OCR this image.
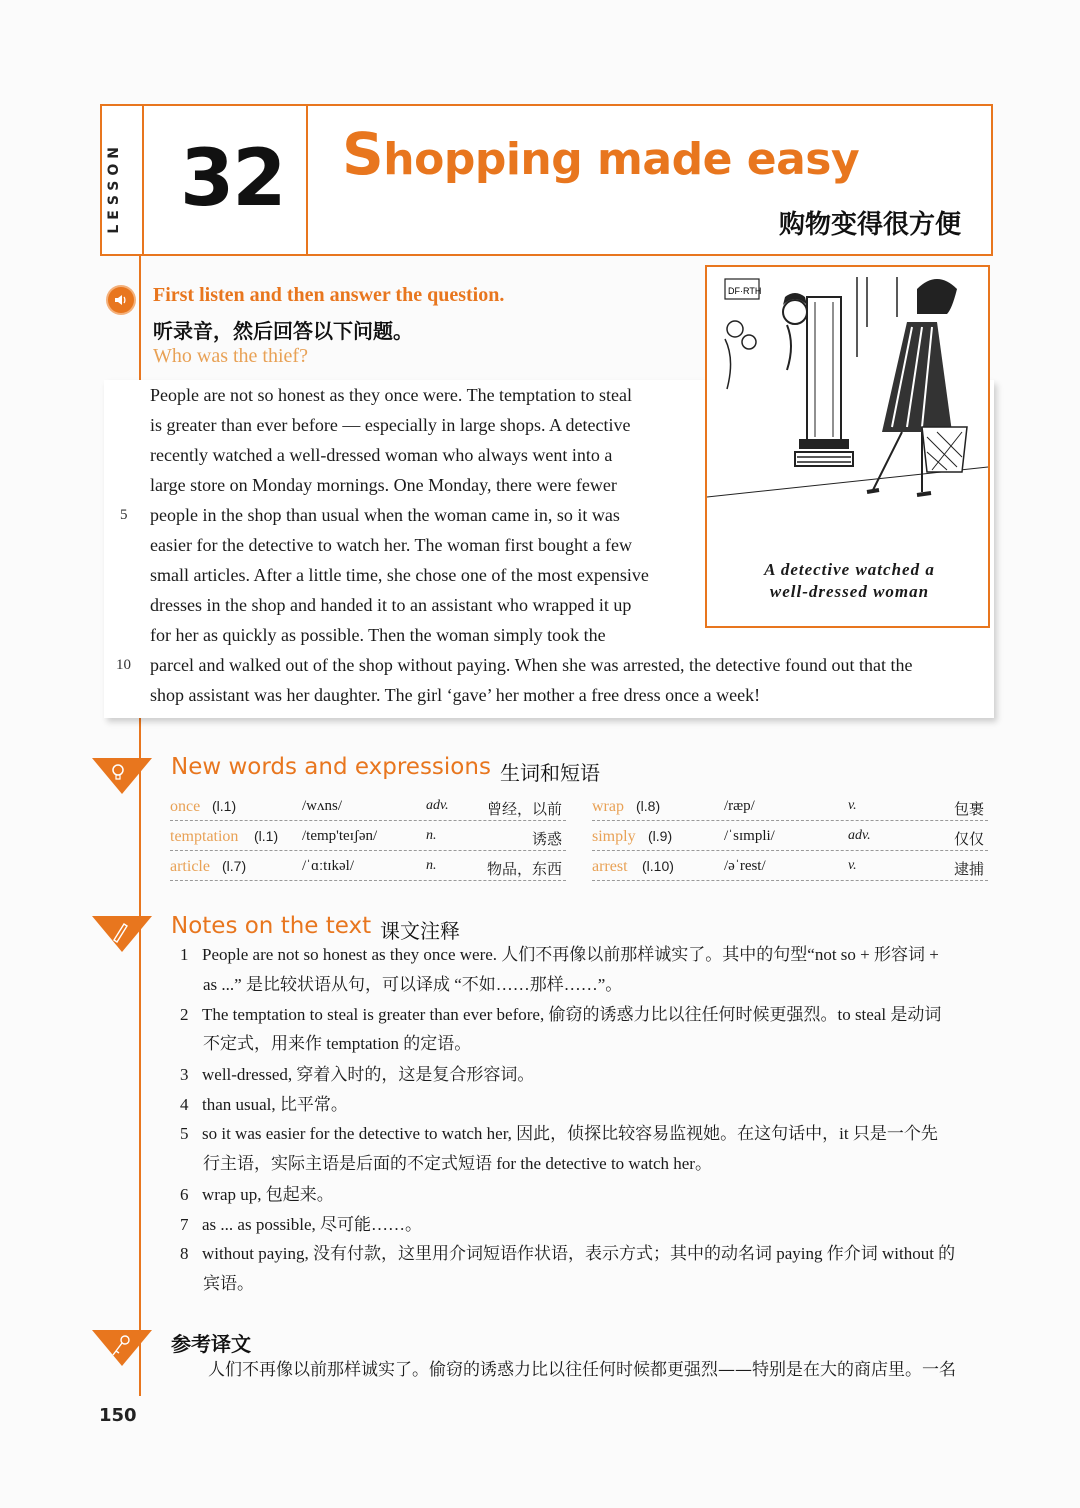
LESSON 32 Shopping made easy
购物变得很方便
First listen and then answer the question.
听录音，然后回答以下问题。
Who was the thief?
People are not so honest as they once were. The temptation to steal
is greater than ever before — especially in large shops. A detective
recently watched a well-dressed woman who always went into a
large store on Monday mornings. One Monday, there were fewer
5 people in the shop than usual when the woman came in, so it was
easier for the detective to watch her. The woman first bought a few
small articles. After a little time, she chose one of the most expensive
dresses in the shop and handed it to an assistant who wrapped it up
for her as quickly as possible. Then the woman simply took the
10 parcel and walked out of the shop without paying. When she was arrested, the detective found out that the
shop assistant was her daughter. The girl ‘gave’ her mother a free dress once a week!
DF·RTH
A detective watched a
well-dressed woman
New words and expressions 生词和短语
once (l.1)	/wʌns/	adv.	曾经，以前
temptation (l.1) /temp'teɪʃən/	n.	诱惑
article (l.7)	/ˈɑːtɪkəl/	n.	物品，东西
wrap (l.8)	/ræp/	v.	包裹
simply (l.9)	/ˈsɪmpli/	adv.	仅仅
arrest (l.10)	/əˈrest/	v.	逮捕
Notes on the text 课文注释
1 People are not so honest as they once were. 人们不再像以前那样诚实了。其中的句型“not so + 形容词 +
as ...” 是比较状语从句，可以译成 “不如……那样……”。
2 The temptation to steal is greater than ever before, 偷窃的诱惑力比以往任何时候更强烈。to steal 是动词
不定式，用来作 temptation 的定语。
3 well-dressed, 穿着入时的，这是复合形容词。
4 than usual, 比平常。
5 so it was easier for the detective to watch her, 因此，侦探比较容易监视她。在这句话中，it 只是一个先
行主语，实际主语是后面的不定式短语 for the detective to watch her。
6 wrap up, 包起来。
7 as ... as possible, 尽可能……。
8 without paying, 没有付款，这里用介词短语作状语，表示方式；其中的动名词 paying 作介词 without 的
宾语。
参考译文
人们不再像以前那样诚实了。偷窃的诱惑力比以往任何时候都更强烈——特别是在大的商店里。一名
150
